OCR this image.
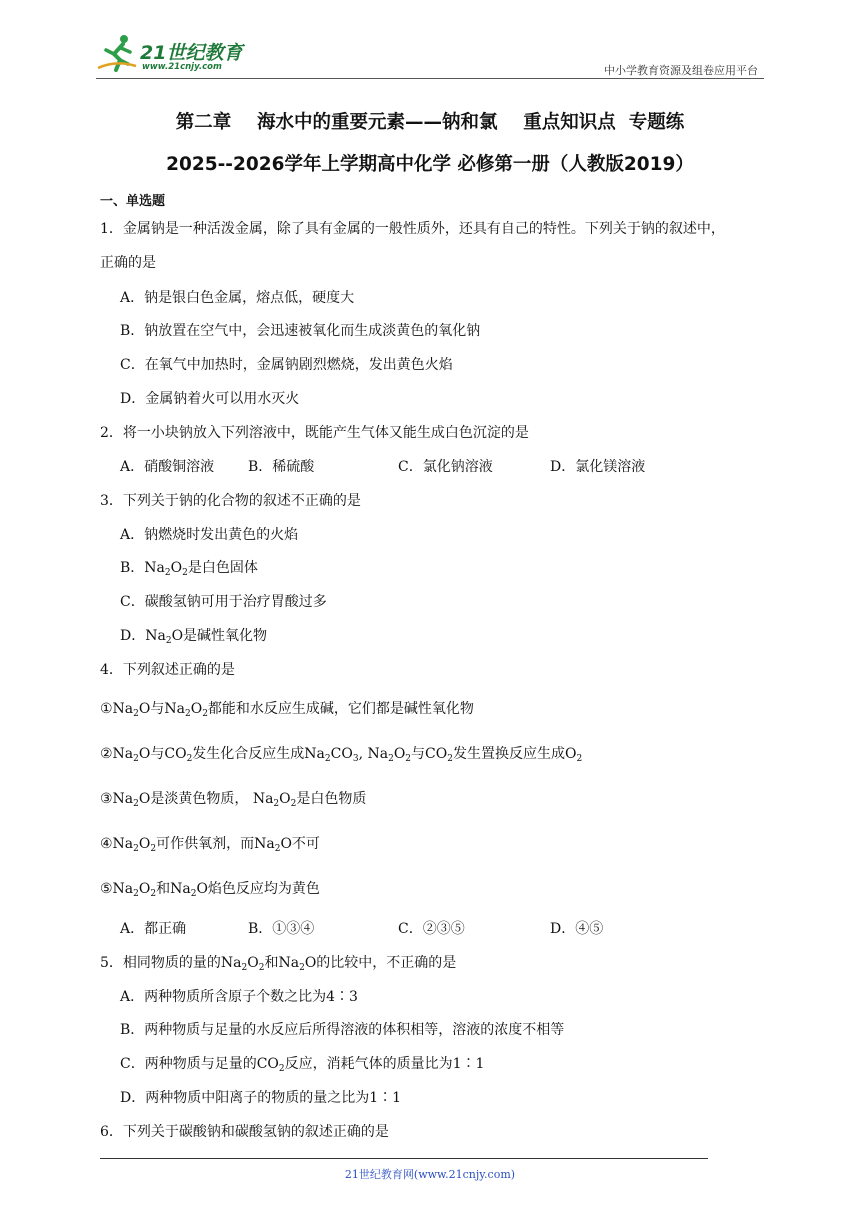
21世纪教育
www.21cnjy.com	中小学教育资源及组卷应用平台
第二章    海水中的重要元素——钠和氯    重点知识点  专题练
2025--2026学年上学期高中化学 必修第一册（人教版2019）
一、单选题
1．金属钠是一种活泼金属，除了具有金属的一般性质外，还具有自己的特性。下列关于钠的叙述中，
正确的是
A．钠是银白色金属，熔点低，硬度大
B．钠放置在空气中，会迅速被氧化而生成淡黄色的氧化钠
C．在氧气中加热时，金属钠剧烈燃烧，发出黄色火焰
D．金属钠着火可以用水灭火
2．将一小块钠放入下列溶液中，既能产生气体又能生成白色沉淀的是
A．硝酸铜溶液 B．稀硫酸	C．氯化钠溶液	D．氯化镁溶液
3．下列关于钠的化合物的叙述不正确的是
A．钠燃烧时发出黄色的火焰
B．$Na_2O_2$是白色固体
C．碳酸氢钠可用于治疗胃酸过多
D．$Na_2O$是碱性氧化物
4．下列叙述正确的是
$①Na_2O$与$Na_2O_2$都能和水反应生成碱，它们都是碱性氧化物
$②Na_2O$与$CO_2$发生化合反应生成$Na_2CO_3$, $Na_2O_2$与$CO_2$发生置换反应生成$O_2$
$③Na_2O$是淡黄色物质， $Na_2O_2$是白色物质
$④Na_2O_2$可作供氧剂，而$Na_2O$不可
$⑤Na_2O_2$和$Na_2O$焰色反应均为黄色
A．都正确	B．①③④	C．②③⑤	D．④⑤
5．相同物质的量的$Na_2O_2$和$Na_2O$的比较中，不正确的是
A．两种物质所含原子个数之比为4∶3
B．两种物质与足量的水反应后所得溶液的体积相等，溶液的浓度不相等
C．两种物质与足量的$CO_2$反应，消耗气体的质量比为1∶1
D．两种物质中阳离子的物质的量之比为1∶1
6．下列关于碳酸钠和碳酸氢钠的叙述正确的是
21世纪教育网(www.21cnjy.com)
